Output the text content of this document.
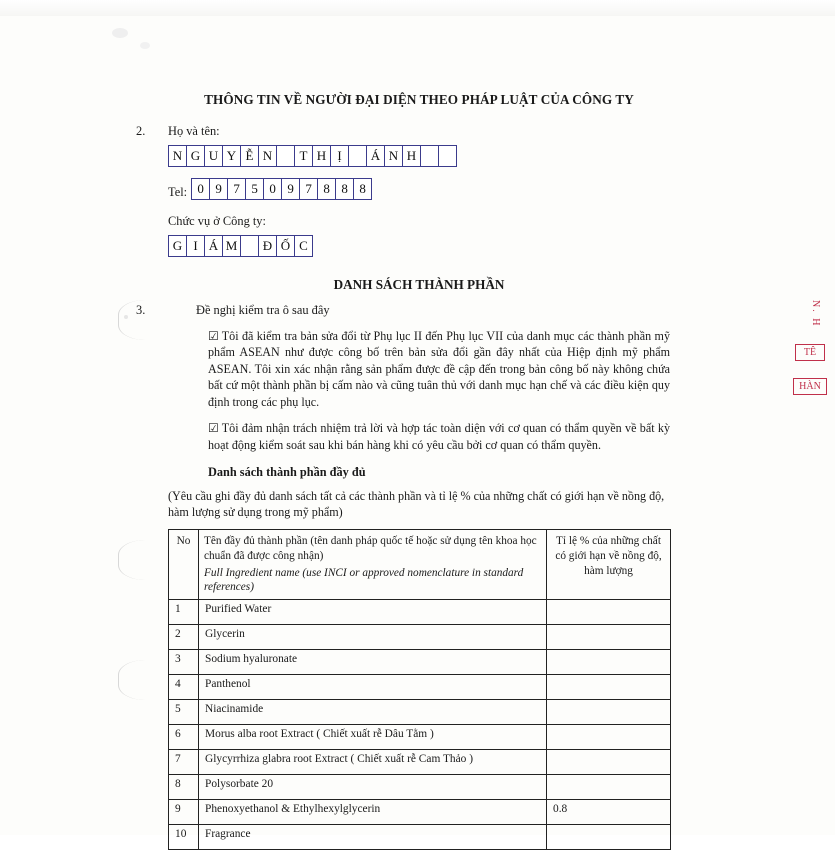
N. H
TÊ
HÀN
THÔNG TIN VỀ NGƯỜI ĐẠI DIỆN THEO PHÁP LUẬT CỦA CÔNG TY
2. Họ và tên:
N G U Y Ễ N	T H Ị	Á N H
Tel: 0 9 7 5 0 9 7 8 8 8
Chức vụ ở Công ty:
G I Á M Đ Ố C
DANH SÁCH THÀNH PHẦN
3.	Đề nghị kiểm tra ô sau đây

☑ Tôi đã kiểm tra bản sửa đổi từ Phụ lục II đến Phụ lục VII của danh mục các thành phần mỹ phẩm ASEAN như được công bố trên bản sửa đổi gần đây nhất của Hiệp định mỹ phẩm ASEAN. Tôi xin xác nhận rằng sản phẩm được đề cập đến trong bản công bố này không chứa bất cứ một thành phần bị cấm nào và cũng tuân thủ với danh mục hạn chế và các điều kiện quy định trong các phụ lục.

☑ Tôi đảm nhận trách nhiệm trả lời và hợp tác toàn diện với cơ quan có thẩm quyền về bất kỳ hoạt động kiểm soát sau khi bán hàng khi có yêu cầu bởi cơ quan có thẩm quyền.

Danh sách thành phần đầy đủ

(Yêu cầu ghi đầy đủ danh sách tất cả các thành phần và tỉ lệ % của những chất có giới hạn về nồng độ, hàm lượng sử dụng trong mỹ phẩm)

No	Tên đầy đủ thành phần (tên danh pháp quốc tế hoặc sử dụng tên khoa học chuẩn đã được công nhận)
Full Ingredient name (use INCI or approved nomenclature in standard references)	Tỉ lệ % của những chất có giới hạn về nồng độ, hàm lượng
1	Purified Water	
2	Glycerin	
3	Sodium hyaluronate	
4	Panthenol	
5	Niacinamide	
6	Morus alba root Extract ( Chiết xuất rễ Dâu Tằm )	
7	Glycyrrhiza glabra root Extract ( Chiết xuất rễ Cam Thảo )	
8	Polysorbate 20	
9	Phenoxyethanol & Ethylhexylglycerin	0.8
10	Fragrance	
